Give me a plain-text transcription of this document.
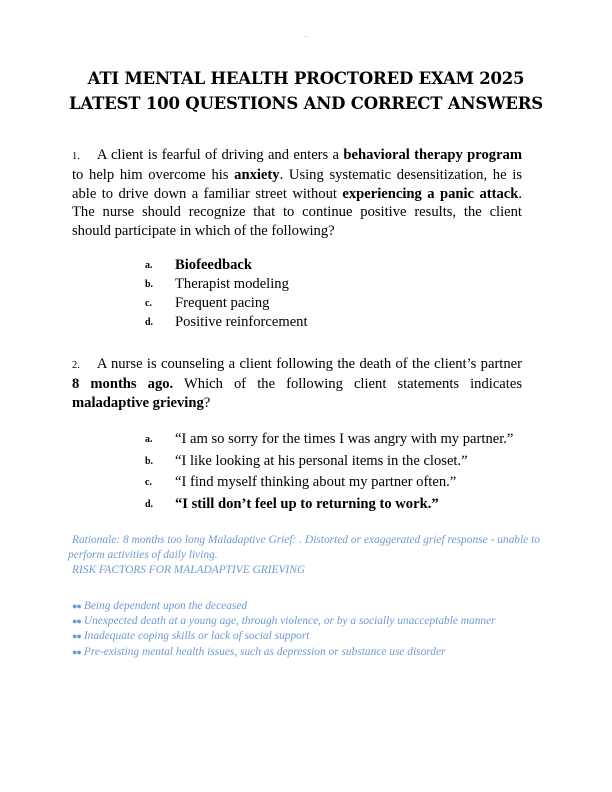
—
ATI MENTAL HEALTH PROCTORED EXAM 2025
LATEST 100 QUESTIONS AND CORRECT ANSWERS
1. A client is fearful of driving and enters a behavioral therapy program to help him overcome his anxiety. Using systematic desensitization, he is able to drive down a familiar street without experiencing a panic attack. The nurse should recognize that to continue positive results, the client should participate in which of the following?
a.	Biofeedback
b.	Therapist modeling
c.	Frequent pacing
d.	Positive reinforcement
2. A nurse is counseling a client following the death of the client’s partner 8 months ago. Which of the following client statements indicates maladaptive grieving?
a.	“I am so sorry for the times I was angry with my partner.”
b.	“I like looking at his personal items in the closet.”
c.	“I find myself thinking about my partner often.”
d.	“I still don’t feel up to returning to work.”
Rationale: 8 months too long Maladaptive Grief: . Distorted or exaggerated grief response - unable to perform activities of daily living.
RISK FACTORS FOR MALADAPTIVE GRIEVING
●● Being dependent upon the deceased
●● Unexpected death at a young age, through violence, or by a socially unacceptable manner
●● Inadequate coping skills or lack of social support
●● Pre-existing mental health issues, such as depression or substance use disorder
